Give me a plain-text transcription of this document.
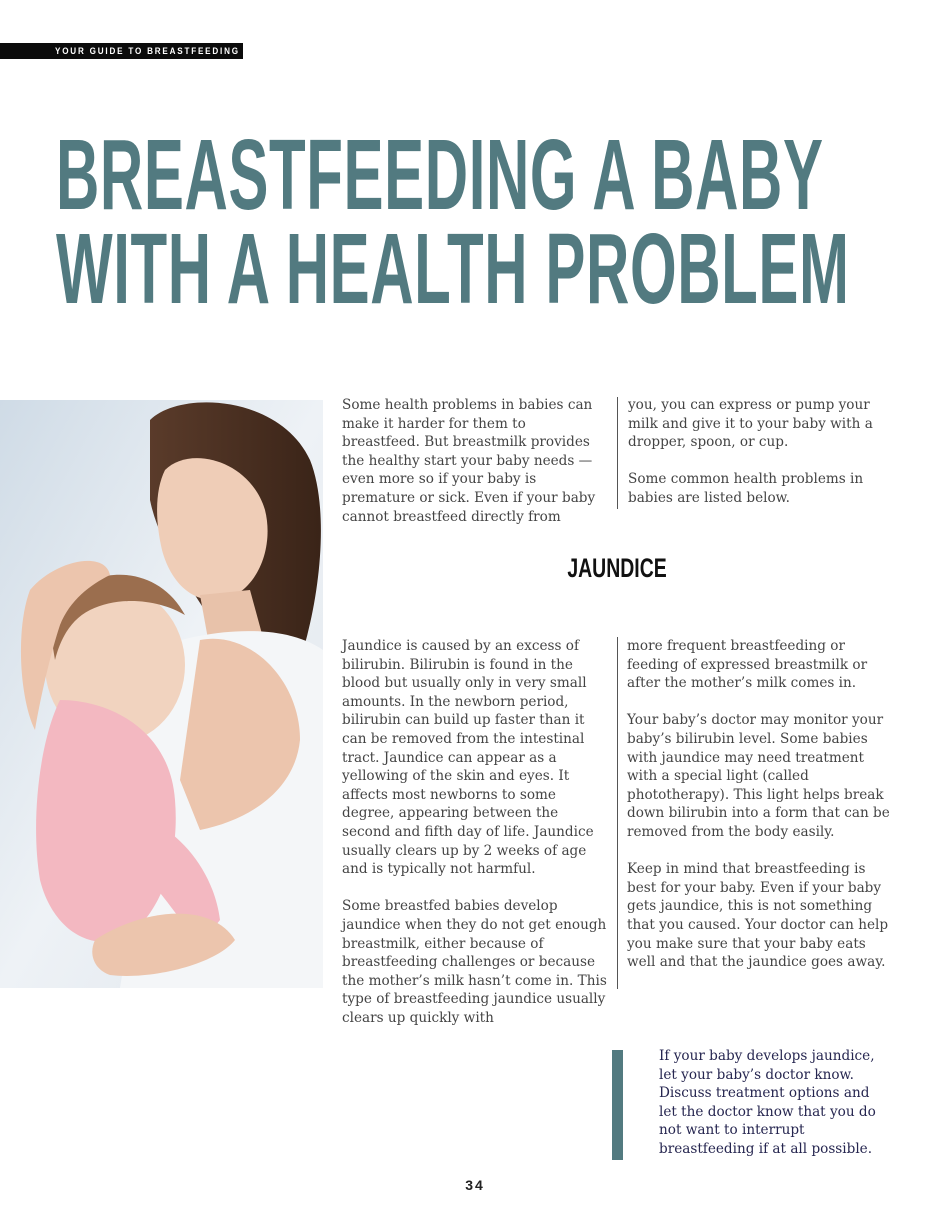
YOUR GUIDE TO BREASTFEEDING
BREASTFEEDING A BABY
WITH A HEALTH PROBLEM

Some health problems in babies can make it harder for them to breastfeed. But breastmilk provides the healthy start your baby needs — even more so if your baby is premature or sick. Even if your baby cannot breastfeed directly from

you, you can express or pump your milk and give it to your baby with a dropper, spoon, or cup.

Some common health problems in babies are listed below.

JAUNDICE

Jaundice is caused by an excess of bilirubin. Bilirubin is found in the blood but usually only in very small amounts. In the newborn period, bilirubin can build up faster than it can be removed from the intestinal tract. Jaundice can appear as a yellowing of the skin and eyes. It affects most newborns to some degree, appearing between the second and fifth day of life. Jaundice usually clears up by 2 weeks of age and is typically not harmful.

Some breastfed babies develop jaundice when they do not get enough breastmilk, either because of breastfeeding challenges or because the mother’s milk hasn’t come in. This type of breastfeeding jaundice usually clears up quickly with

more frequent breastfeeding or feeding of expressed breastmilk or after the mother’s milk comes in.

Your baby’s doctor may monitor your baby’s bilirubin level. Some babies with jaundice may need treatment with a special light (called phototherapy). This light helps break down bilirubin into a form that can be removed from the body easily.

Keep in mind that breastfeeding is best for your baby. Even if your baby gets jaundice, this is not something that you caused. Your doctor can help you make sure that your baby eats well and that the jaundice goes away.

If your baby develops jaundice, let your baby’s doctor know. Discuss treatment options and let the doctor know that you do not want to interrupt breastfeeding if at all possible.

34
